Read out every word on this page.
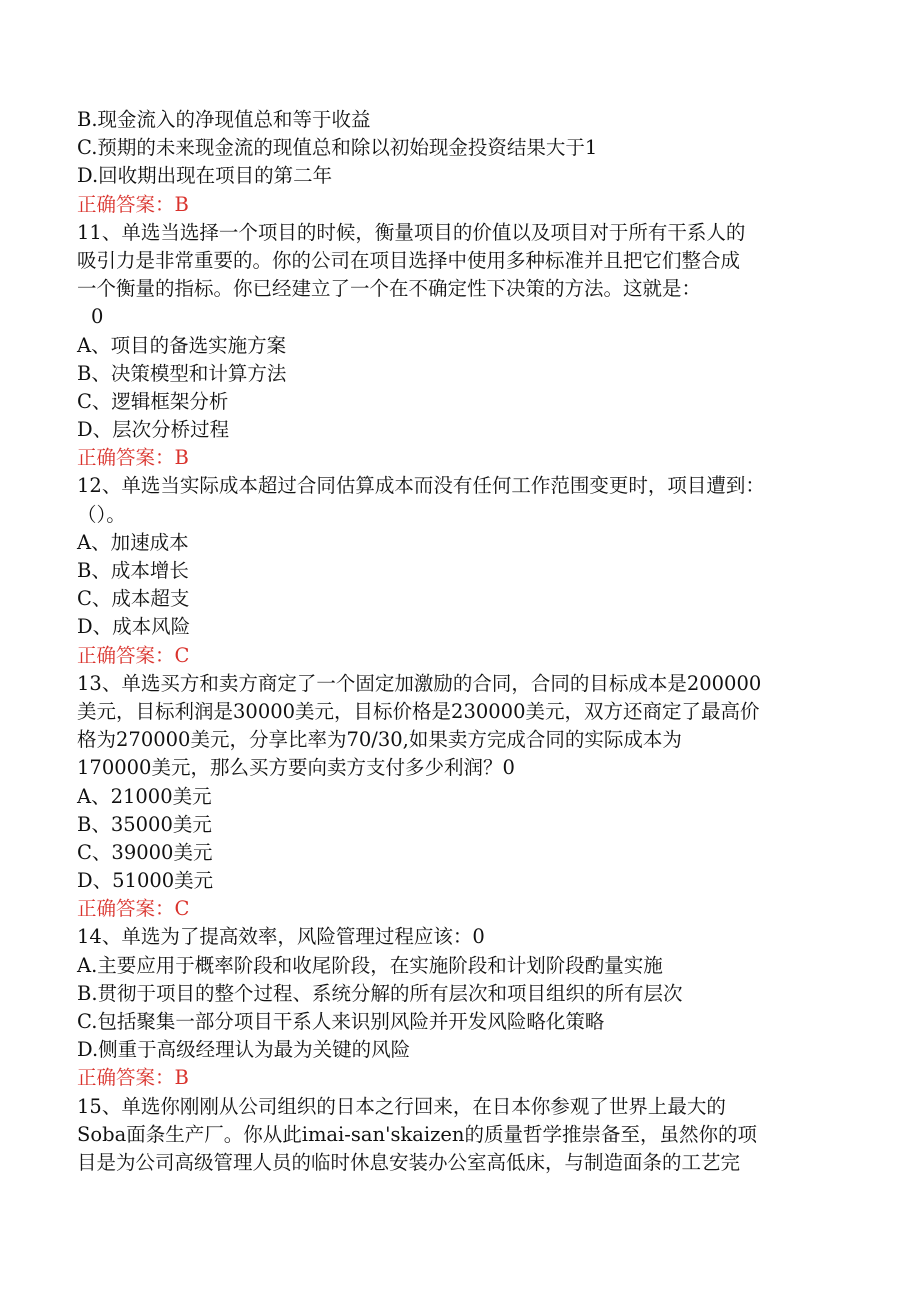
B.现金流入的净现值总和等于收益
C.预期的未来现金流的现值总和除以初始现金投资结果大于1
D.回收期出现在项目的第二年
正确答案：B
11、单选当选择一个项目的时候，衡量项目的价值以及项目对于所有干系人的
吸引力是非常重要的。你的公司在项目选择中使用多种标准并且把它们整合成
一个衡量的指标。你已经建立了一个在不确定性下决策的方法。这就是：
0
A、项目的备选实施方案
B、决策模型和计算方法
C、逻辑框架分析
D、层次分桥过程
正确答案：B
12、单选当实际成本超过合同估算成本而没有任何工作范围变更时，项目遭到：
（）。
A、加速成本
B、成本增长
C、成本超支
D、成本风险
正确答案：C
13、单选买方和卖方商定了一个固定加激励的合同，合同的目标成本是200000
美元，目标利润是30000美元，目标价格是230000美元，双方还商定了最高价
格为270000美元，分享比率为70/30,如果卖方完成合同的实际成本为
170000美元，那么买方要向卖方支付多少利润？0
A、21000美元
B、35000美元
C、39000美元
D、51000美元
正确答案：C
14、单选为了提高效率，风险管理过程应该：0
A.主要应用于概率阶段和收尾阶段，在实施阶段和计划阶段酌量实施
B.贯彻于项目的整个过程、系统分解的所有层次和项目组织的所有层次
C.包括聚集一部分项目干系人来识别风险并开发风险略化策略
D.侧重于高级经理认为最为关键的风险
正确答案：B
15、单选你刚刚从公司组织的日本之行回来，在日本你参观了世界上最大的
Soba面条生产厂。你从此imai-san'skaizen的质量哲学推崇备至，虽然你的项
目是为公司高级管理人员的临时休息安装办公室高低床，与制造面条的工艺完
